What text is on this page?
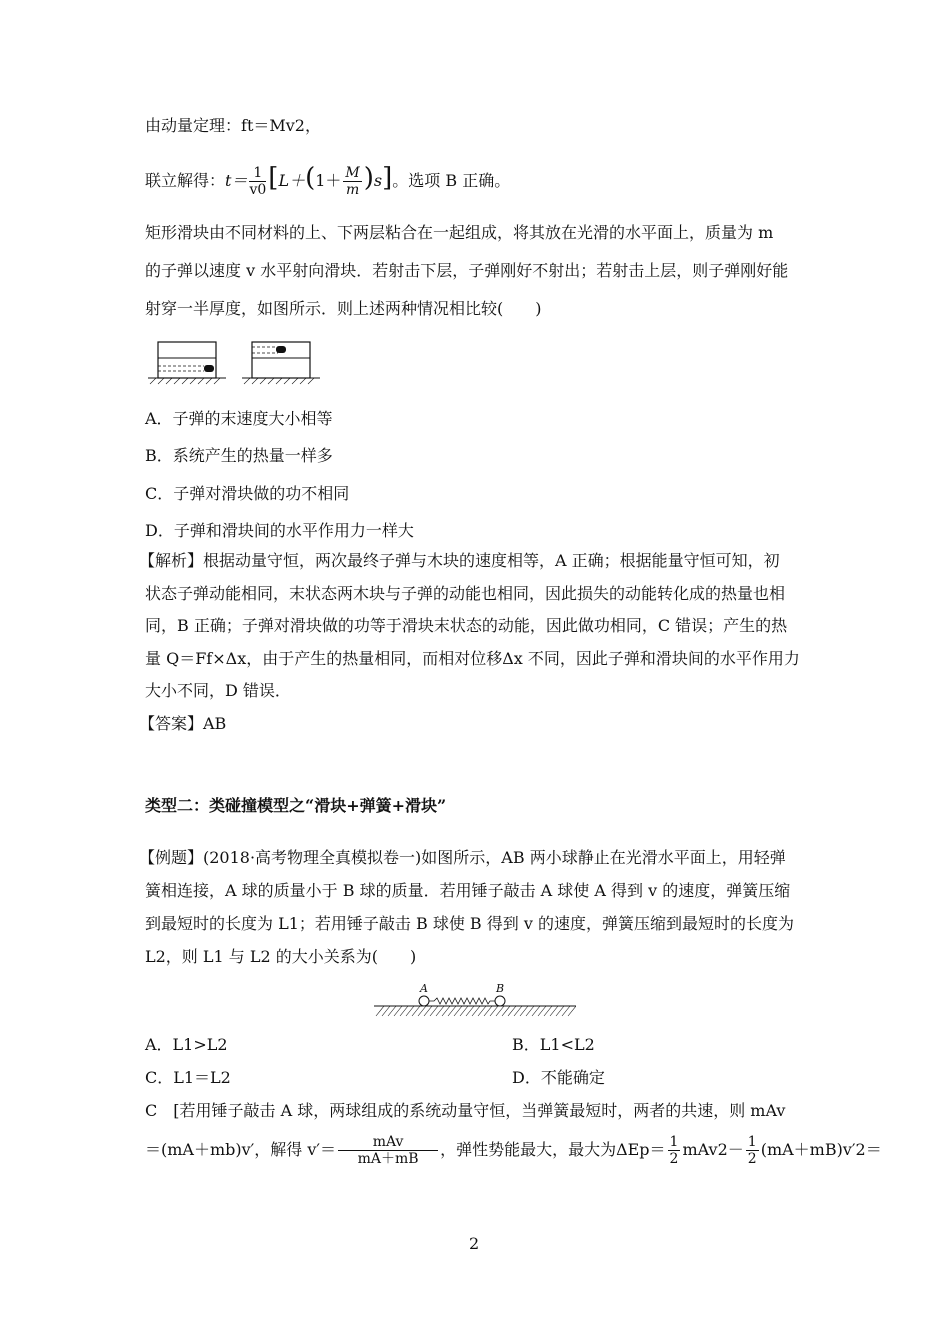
由动量定理：ft＝Mv2，
联立解得：$t= \frac{1}{v0} [L+(1+ \frac{M}{m} )s]$。选项 B 正确。
矩形滑块由不同材料的上、下两层粘合在一起组成，将其放在光滑的水平面上，质量为 m
的子弹以速度 v 水平射向滑块．若射击下层，子弹刚好不射出；若射击上层，则子弹刚好能
射穿一半厚度，如图所示．则上述两种情况相比较(　　)
A．子弹的末速度大小相等
B．系统产生的热量一样多
C．子弹对滑块做的功不相同
D．子弹和滑块间的水平作用力一样大
【解析】根据动量守恒，两次最终子弹与木块的速度相等，A 正确；根据能量守恒可知，初
状态子弹动能相同，末状态两木块与子弹的动能也相同，因此损失的动能转化成的热量也相
同，B 正确；子弹对滑块做的功等于滑块末状态的动能，因此做功相同，C 错误；产生的热
量 Q＝Ff×Δx，由于产生的热量相同，而相对位移Δx 不同，因此子弹和滑块间的水平作用力
大小不同，D 错误．
【答案】AB
类型二：类碰撞模型之“滑块+弹簧+滑块”
【例题】(2018·高考物理全真模拟卷一)如图所示，AB 两小球静止在光滑水平面上，用轻弹
簧相连接，A 球的质量小于 B 球的质量．若用锤子敲击 A 球使 A 得到 v 的速度，弹簧压缩
到最短时的长度为 L1；若用锤子敲击 B 球使 B 得到 v 的速度，弹簧压缩到最短时的长度为
L2，则 L1 与 L2 的大小关系为(　　)
A	B
A．L1>L2	B．L1<L2
C．L1＝L2	D．不能确定
C　[若用锤子敲击 A 球，两球组成的系统动量守恒，当弹簧最短时，两者的共速，则 mAv
＝(mA＋mb)v′，解得 $v'= \frac{\text{mAv}}{mA+mB}$ ，弹性势能最大，最大为$\Delta Ep= \frac{1}{2} mAv2- \frac{1}{2} (mA+mB)v'2=$
2
